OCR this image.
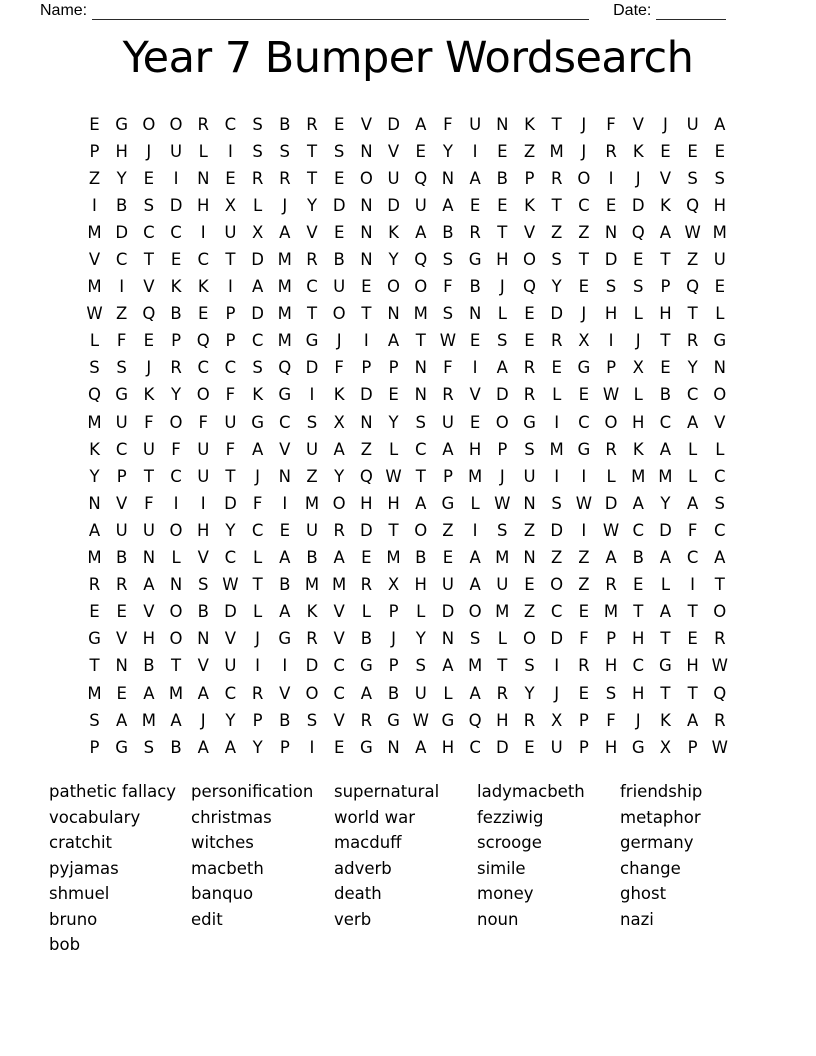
Name:	Date:
Year 7 Bumper Wordsearch
E G O O R C S B R E V D A	F U N K	T	J	F	V	J	U A
P H	J	U	L	I	S	S	T	S N V E	Y	I	E Z M	J	R K	E	E	E
Z Y	E	I	N E R R T	E O U Q N A B	P R O	I	J	V S	S
I	B S D H X	L	J	Y D N D U A E	E	K	T C E D K Q H
M D C C	I	U X A V E N K A B R T V Z Z N Q A W M
V C T	E C T D M R B N Y Q S G H O S	T D E	T Z U
M	I	V K K	I	A M C U E O O F	B	J	Q Y	E	S	S	P Q E
W Z Q B E	P D M T O T N M S N L	E D	J	H L H T	L
L	F	E	P Q P C M G	J	I	A	T W E	S	E R X	I	J	T R G
S	S	J	R C C S Q D F	P	P N F	I	A R E G P	X E	Y N
Q G K	Y O F	K G	I	K D E N R V D R	L	E W L	B C O
M U F O F U G C S X N Y	S U E O G	I	C O H C A V
K C U F U F	A V U A Z	L	C A H P	S M G R K A	L	L
Y	P	T C U T	J	N Z Y Q W T	P M	J	U	I	I	L M M L	C
N V	F	I	I	D F	I	M O H H A G L W N S W D A	Y A S
A U U O H Y C E U R D T O Z	I	S Z D	I	W C D F	C
M B N L	V C	L	A B A E M B E A M N Z Z A B A C A
R R A N S W T B M M R X H U A U E O Z R E	L	I	T
E	E V O B D L	A K V	L	P	L D O M Z C E M T A	T O
G V H O N V	J	G R V B	J	Y N S	L O D F	P H T	E R
T N B T V U	I	I	D C G P	S A M T	S	I	R H C G H W
M E A M A C R V O C A B U	L	A R Y	J	E	S H T	T Q
S A M A	J	Y	P	B S V R G W G Q H R X	P	F	J	K A R
P G S B A A	Y	P	I	E G N A H C D E U P H G X	P W
pathetic fallacy
vocabulary
cratchit
pyjamas
shmuel
bruno
bob
personification
christmas
witches
macbeth
banquo
edit
supernatural
world war
macduff
adverb
death
verb
ladymacbeth
fezziwig
scrooge
simile
money
noun
friendship
metaphor
germany
change
ghost
nazi
